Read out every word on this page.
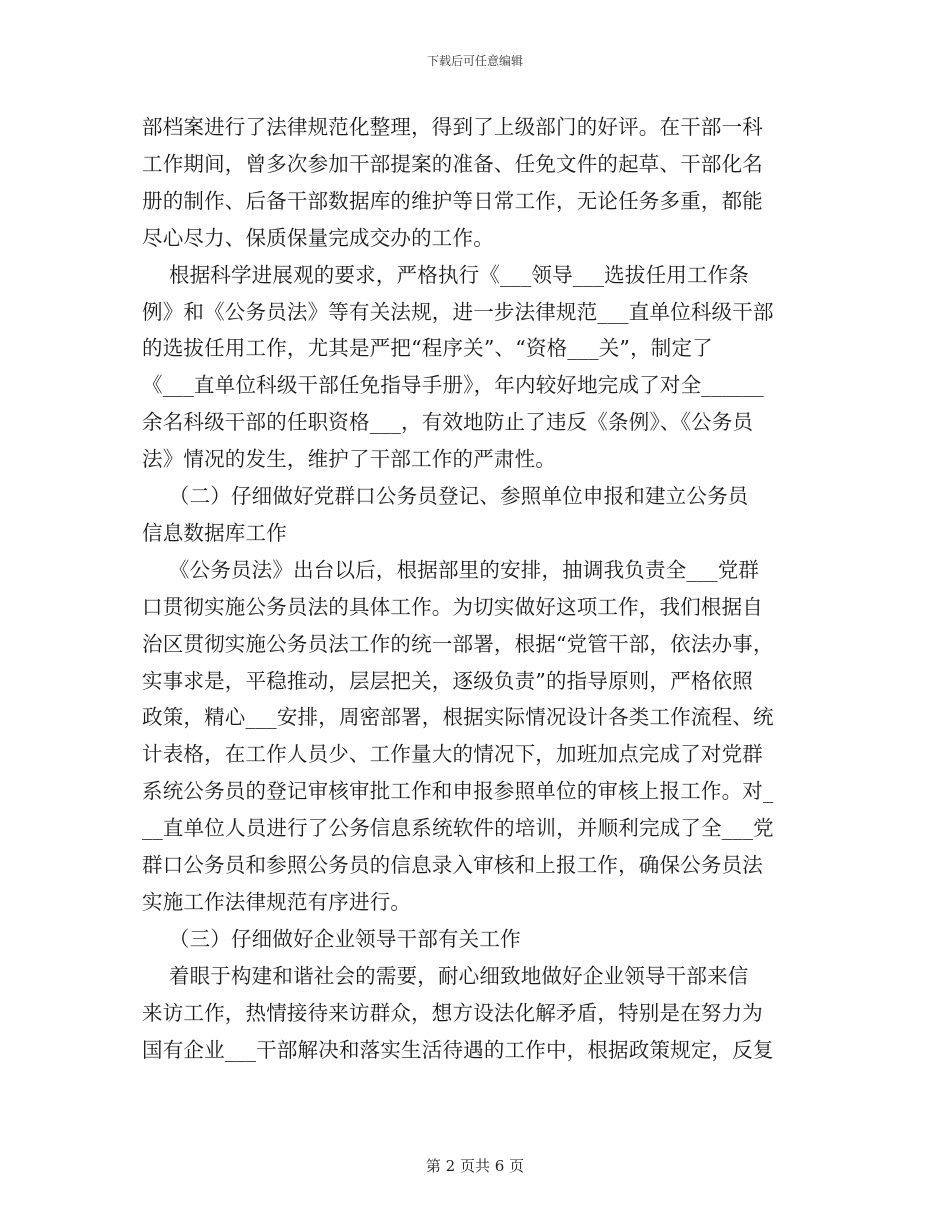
下载后可任意编辑
部档案进行了法律规范化整理，得到了上级部门的好评。在干部一科
工作期间，曾多次参加干部提案的准备、任免文件的起草、干部化名
册的制作、后备干部数据库的维护等日常工作，无论任务多重，都能
尽心尽力、保质保量完成交办的工作。
根据科学进展观的要求，严格执行《___领导___选拔任用工作条
例》和《公务员法》等有关法规，进一步法律规范___直单位科级干部
的选拔任用工作，尤其是严把“程序关”、“资格___关”，制定了
《___直单位科级干部任免指导手册》，年内较好地完成了对全______
余名科级干部的任职资格___，有效地防止了违反《条例》、《公务员
法》情况的发生，维护了干部工作的严肃性。
（二）仔细做好党群口公务员登记、参照单位申报和建立公务员
信息数据库工作
《公务员法》出台以后，根据部里的安排，抽调我负责全___党群
口贯彻实施公务员法的具体工作。为切实做好这项工作，我们根据自
治区贯彻实施公务员法工作的统一部署，根据“党管干部，依法办事，
实事求是，平稳推动，层层把关，逐级负责”的指导原则，严格依照
政策，精心___安排，周密部署，根据实际情况设计各类工作流程、统
计表格，在工作人员少、工作量大的情况下，加班加点完成了对党群
系统公务员的登记审核审批工作和申报参照单位的审核上报工作。对_
__直单位人员进行了公务信息系统软件的培训，并顺利完成了全___党
群口公务员和参照公务员的信息录入审核和上报工作，确保公务员法
实施工作法律规范有序进行。
（三）仔细做好企业领导干部有关工作
着眼于构建和谐社会的需要，耐心细致地做好企业领导干部来信
来访工作，热情接待来访群众，想方设法化解矛盾，特别是在努力为
国有企业___干部解决和落实生活待遇的工作中，根据政策规定，反复
第 2 页共 6 页
